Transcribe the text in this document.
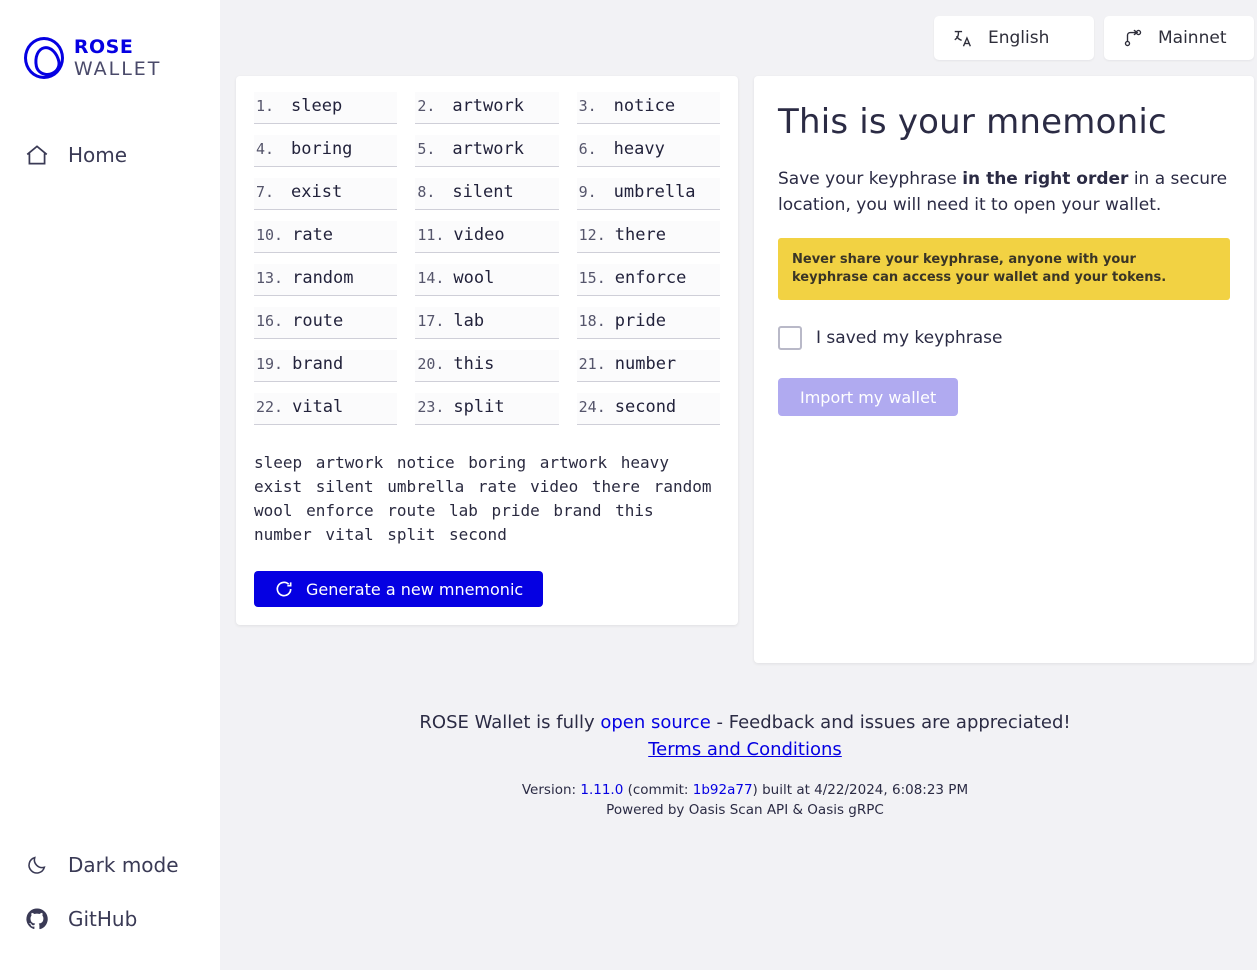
ROSE WALLET
Home
Dark mode
GitHub
English	Mainnet
1. sleep	2. artwork	3. notice
4. boring	5. artwork	6. heavy
7. exist	8. silent	9. umbrella
10. rate	11. video	12. there
13. random	14. wool	15. enforce
16. route	17. lab	18. pride
19. brand	20. this	21. number
22. vital	23. split	24. second
sleep artwork notice boring artwork heavy exist silent umbrella rate video there random wool enforce route lab pride brand this number vital split second
Generate a new mnemonic
This is your mnemonic

Save your keyphrase in the right order in a secure location, you will need it to open your wallet.

Never share your keyphrase, anyone with your keyphrase can access your wallet and your tokens.
I saved my keyphrase
Import my wallet
ROSE Wallet is fully open source - Feedback and issues are appreciated!
Terms and Conditions
Version: 1.11.0 (commit: 1b92a77) built at 4/22/2024, 6:08:23 PM
Powered by Oasis Scan API & Oasis gRPC
